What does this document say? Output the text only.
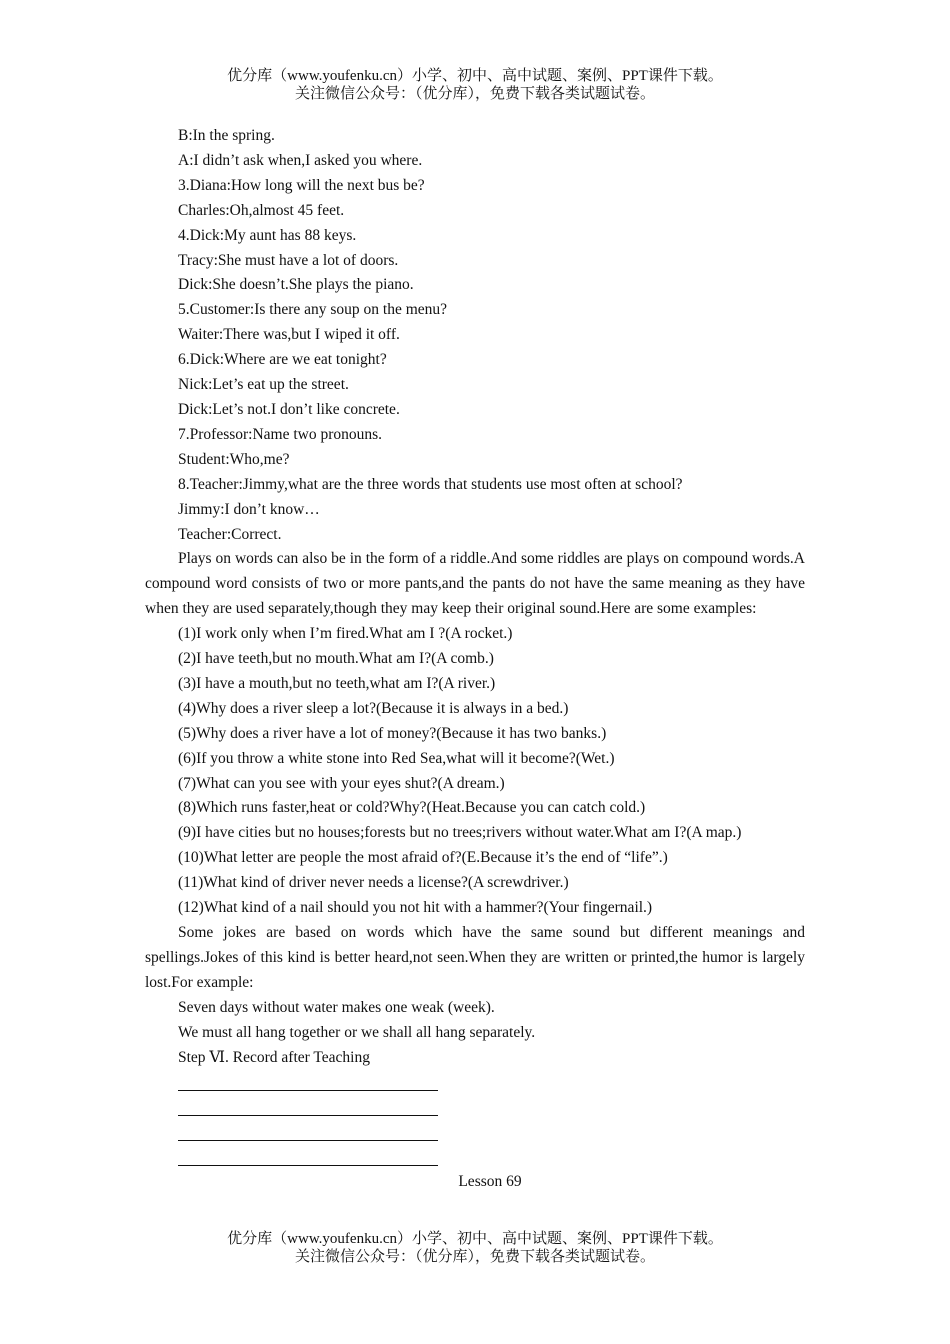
优分库（www.youfenku.cn）小学、初中、高中试题、案例、PPT课件下载。
关注微信公众号：（优分库），免费下载各类试题试卷。

B:In the spring.

A:I didn’t ask when,I asked you where.

3.Diana:How long will the next bus be?

Charles:Oh,almost 45 feet.

4.Dick:My aunt has 88 keys.

Tracy:She must have a lot of doors.

Dick:She doesn’t.She plays the piano.

5.Customer:Is there any soup on the menu?

Waiter:There was,but I wiped it off.

6.Dick:Where are we eat tonight?

Nick:Let’s eat up the street.

Dick:Let’s not.I don’t like concrete.

7.Professor:Name two pronouns.

Student:Who,me?

8.Teacher:Jimmy,what are the three words that students use most often at school?

Jimmy:I don’t know…

Teacher:Correct.

Plays on words can also be in the form of a riddle.And some riddles are plays on compound words.A compound word consists of two or more pants,and the pants do not have the same meaning as they have when they are used separately,though they may keep their original sound.Here are some examples:

(1)I work only when I’m fired.What am I ?(A rocket.)

(2)I have teeth,but no mouth.What am I?(A comb.)

(3)I have a mouth,but no teeth,what am I?(A river.)

(4)Why does a river sleep a lot?(Because it is always in a bed.)

(5)Why does a river have a lot of money?(Because it has two banks.)

(6)If you throw a white stone into Red Sea,what will it become?(Wet.)

(7)What can you see with your eyes shut?(A dream.)

(8)Which runs faster,heat or cold?Why?(Heat.Because you can catch cold.)

(9)I have cities but no houses;forests but no trees;rivers without water.What am I?(A map.)

(10)What letter are people the most afraid of?(E.Because it’s the end of “life”.)

(11)What kind of driver never needs a license?(A screwdriver.)

(12)What kind of a nail should you not hit with a hammer?(Your fingernail.)

Some jokes are based on words which have the same sound but different meanings and spellings.Jokes of this kind is better heard,not seen.When they are written or printed,the humor is largely lost.For example:

Seven days without water makes one weak (week).

We must all hang together or we shall all hang separately.

Step Ⅵ. Record after Teaching

Lesson 69

优分库（www.youfenku.cn）小学、初中、高中试题、案例、PPT课件下载。
关注微信公众号：（优分库），免费下载各类试题试卷。
